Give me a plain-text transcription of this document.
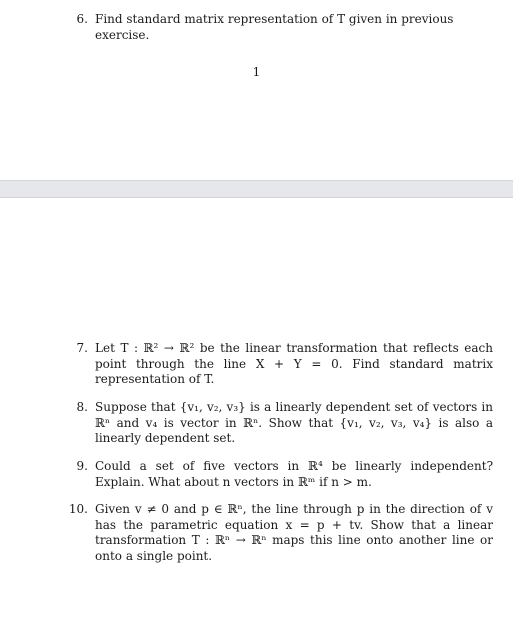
6. Find standard matrix representation of T given in previous exercise.
1
7. Let T : ℝ² → ℝ² be the linear transformation that reflects each point through the line X + Y = 0. Find standard matrix representation of T.
8. Suppose that {v₁, v₂, v₃} is a linearly dependent set of vectors in ℝⁿ and v₄ is vector in ℝⁿ. Show that {v₁, v₂, v₃, v₄} is also a linearly dependent set.
9. Could a set of five vectors in ℝ⁴ be linearly independent? Explain. What about n vectors in ℝᵐ if n > m.
10. Given v ≠ 0 and p ∈ ℝⁿ, the line through p in the direction of v has the parametric equation x = p + tv. Show that a linear transformation T : ℝⁿ → ℝⁿ maps this line onto another line or onto a single point.
